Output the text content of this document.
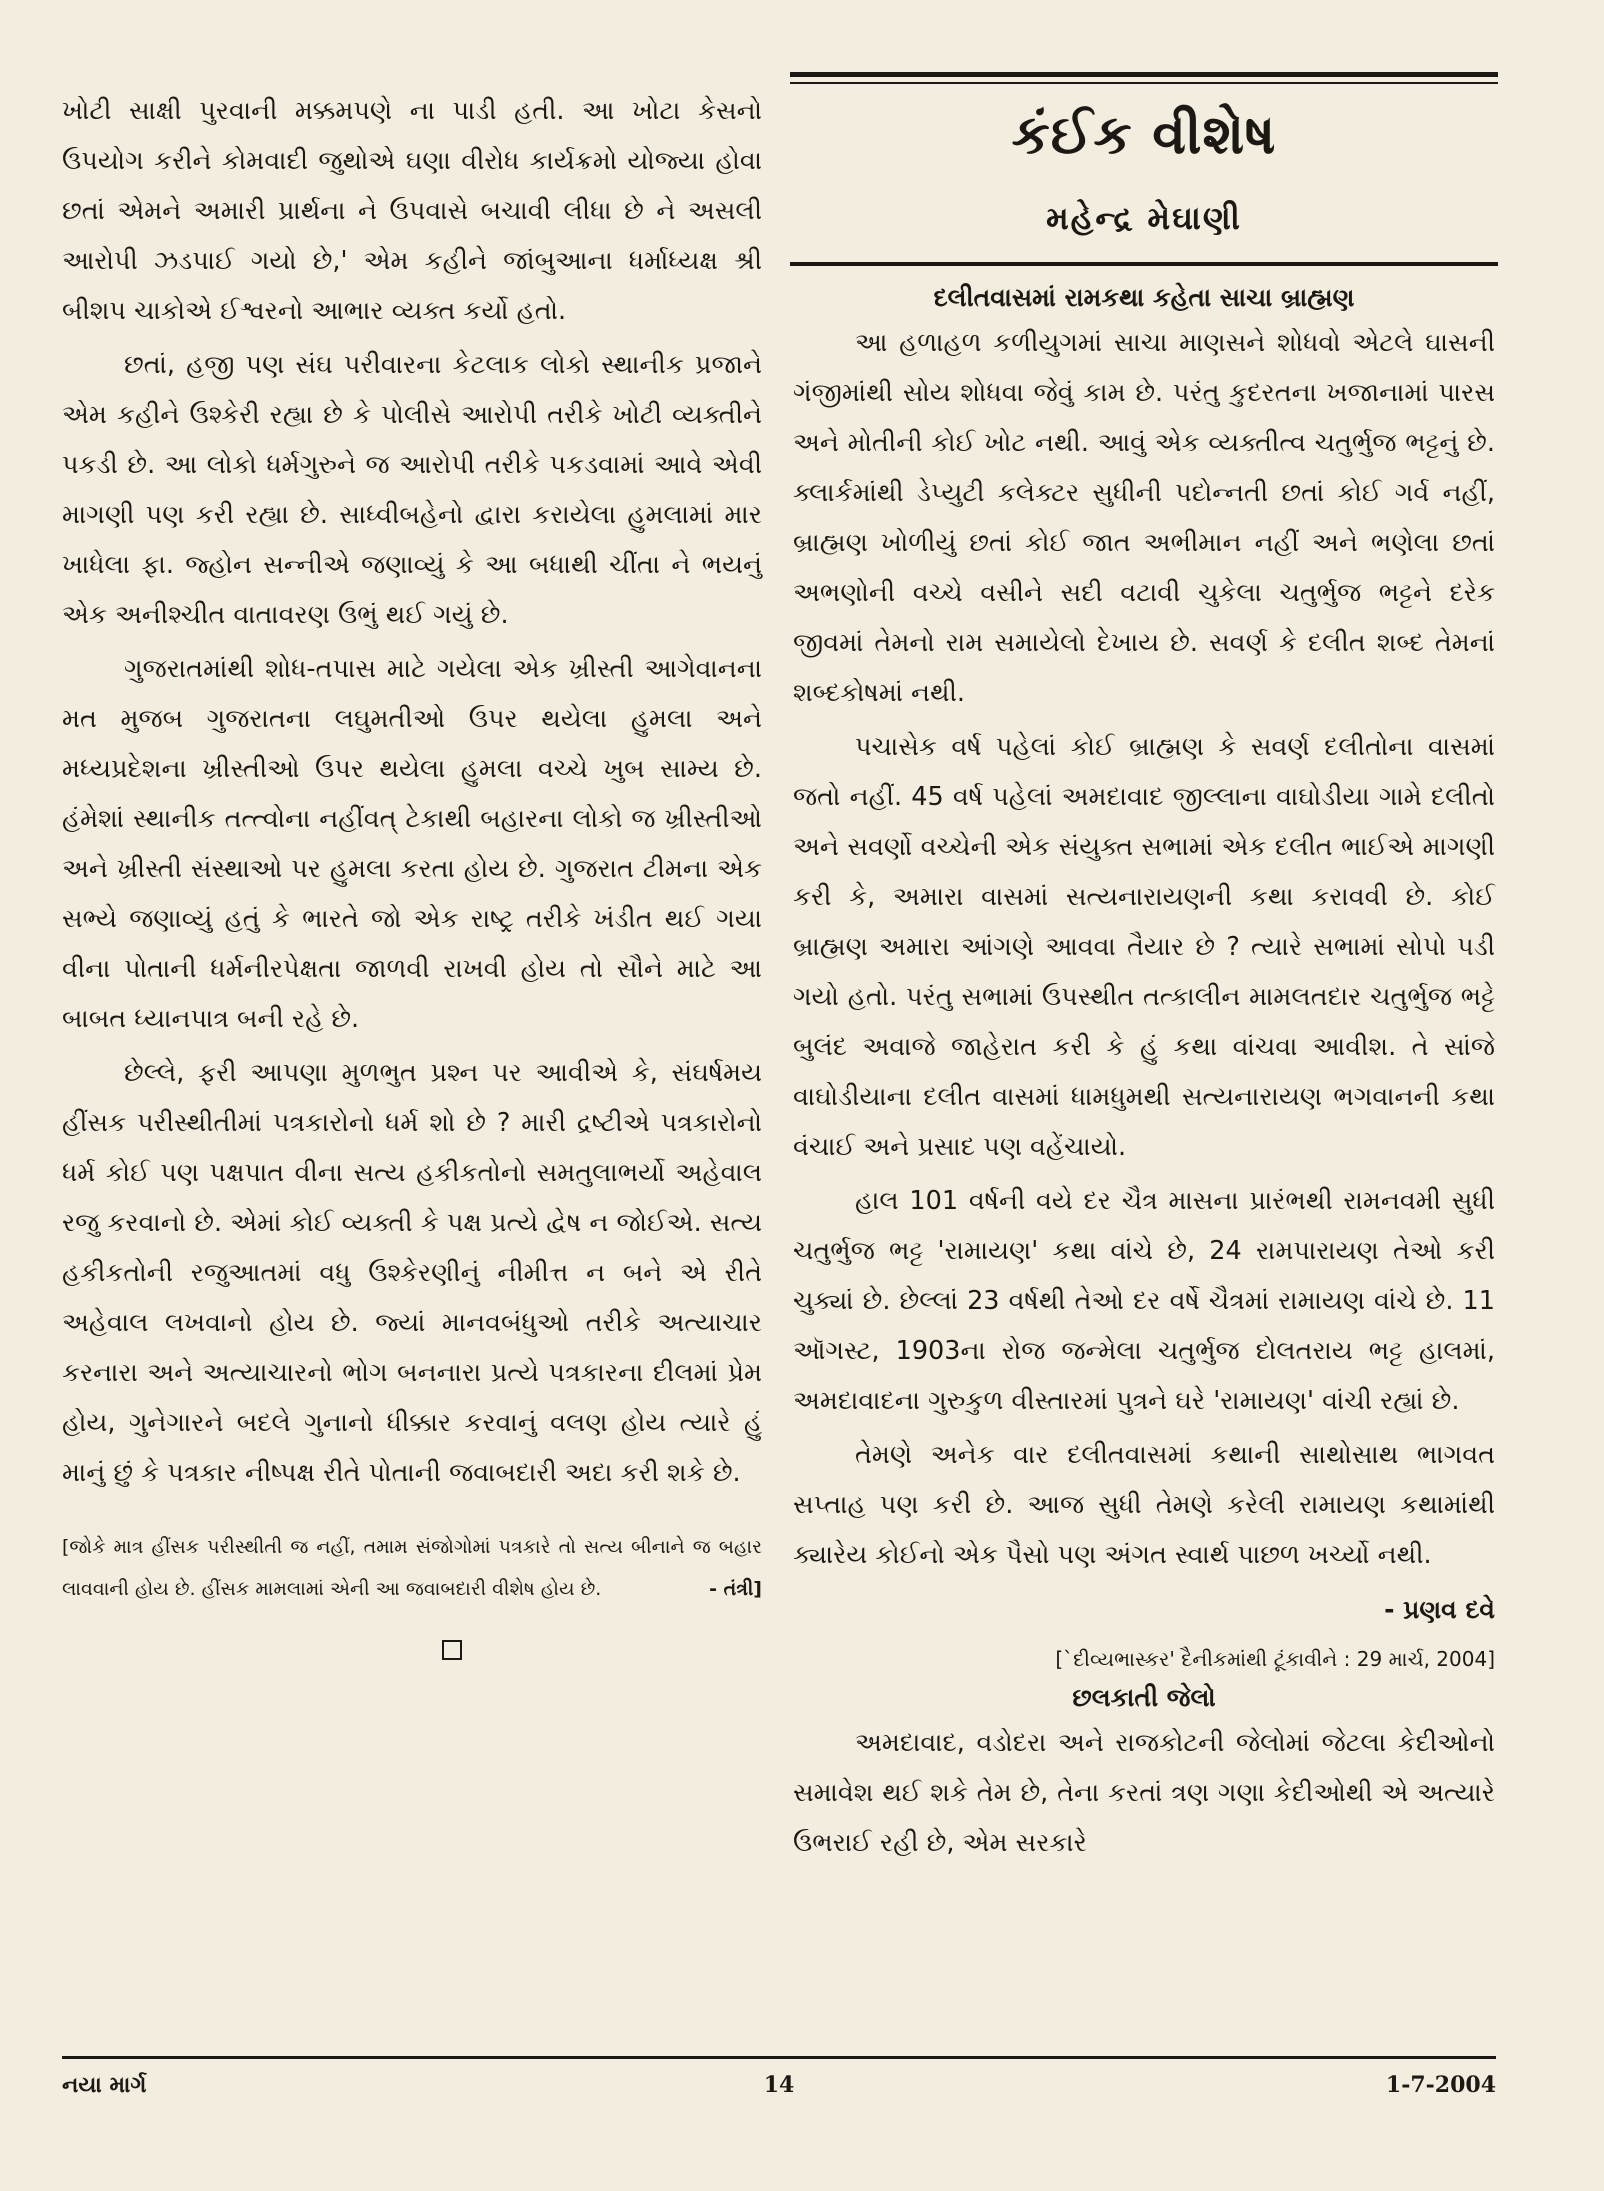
ખોટી સાક્ષી પુરવાની મક્કમપણે ના પાડી હતી. આ ખોટા કેસનો ઉપયોગ કરીને કોમવાદી જુથોએ ઘણા વીરોધ કાર્યક્રમો યોજ્યા હોવા છતાં એમને અમારી પ્રાર્થના ને ઉપવાસે બચાવી લીધા છે ને અસલી આરોપી ઝડપાઈ ગયો છે,' એમ કહીને જાંબુઆના ધર્માધ્યક્ષ શ્રી બીશપ ચાકોએ ઈશ્વરનો આભાર વ્યક્ત કર્યો હતો.

છતાં, હજી પણ સંઘ પરીવારના કેટલાક લોકો સ્થાનીક પ્રજાને એમ કહીને ઉશ્કેરી રહ્યા છે કે પોલીસે આરોપી તરીકે ખોટી વ્યક્તીને પકડી છે. આ લોકો ધર્મગુરુને જ આરોપી તરીકે પકડવામાં આવે એવી માગણી પણ કરી રહ્યા છે. સાધ્વીબહેનો દ્વારા કરાયેલા હુમલામાં માર ખાધેલા ફા. જ્હોન સન્નીએ જણાવ્યું કે આ બધાથી ચીંતા ને ભયનું એક અનીશ્ચીત વાતાવરણ ઉભું થઈ ગયું છે.

ગુજરાતમાંથી શોધ-તપાસ માટે ગયેલા એક ખ્રીસ્તી આગેવાનના મત મુજબ ગુજરાતના લઘુમતીઓ ઉપર થયેલા હુમલા અને મધ્યપ્રદેશના ખ્રીસ્તીઓ ઉપર થયેલા હુમલા વચ્ચે ખુબ સામ્ય છે. હંમેશાં સ્થાનીક તત્ત્વોના નહીંવત્ ટેકાથી બહારના લોકો જ ખ્રીસ્તીઓ અને ખ્રીસ્તી સંસ્થાઓ પર હુમલા કરતા હોય છે. ગુજરાત ટીમના એક સભ્યે જણાવ્યું હતું કે ભારતે જો એક રાષ્ટ્ર તરીકે ખંડીત થઈ ગયા વીના પોતાની ધર્મનીરપેક્ષતા જાળવી રાખવી હોય તો સૌને માટે આ બાબત ધ્યાનપાત્ર બની રહે છે.

છેલ્લે, ફરી આપણા મુળભુત પ્રશ્ન પર આવીએ કે, સંઘર્ષમય હીંસક પરીસ્થીતીમાં પત્રકારોનો ધર્મ શો છે ? મારી દ્રષ્ટીએ પત્રકારોનો ધર્મ કોઈ પણ પક્ષપાત વીના સત્ય હકીકતોનો સમતુલાભર્યો અહેવાલ રજુ કરવાનો છે. એમાં કોઈ વ્યક્તી કે પક્ષ પ્રત્યે દ્વેષ ન જોઈએ. સત્ય હકીકતોની રજુઆતમાં વધુ ઉશ્કેરણીનું નીમીત્ત ન બને એ રીતે અહેવાલ લખવાનો હોય છે. જ્યાં માનવબંધુઓ તરીકે અત્યાચાર કરનારા અને અત્યાચારનો ભોગ બનનારા પ્રત્યે પત્રકારના દીલમાં પ્રેમ હોય, ગુનેગારને બદલે ગુનાનો ધીક્કાર કરવાનું વલણ હોય ત્યારે હું માનું છું કે પત્રકાર નીષ્પક્ષ રીતે પોતાની જવાબદારી અદા કરી શકે છે.

[જોકે માત્ર હીંસક પરીસ્થીતી જ નહીં, તમામ સંજોગોમાં પત્રકારે તો સત્ય બીનાને જ બહાર લાવવાની હોય છે. હીંસક મામલામાં એની આ જવાબદારી વીશેષ હોય છે.	- તંત્રી]
કંઈક વીશેષ
મહેન્દ્ર મેઘાણી
દલીતવાસમાં રામકથા કહેતા સાચા બ્રાહ્મણ

આ હળાહળ કળીયુગમાં સાચા માણસને શોધવો એટલે ઘાસની ગંજીમાંથી સોય શોધવા જેવું કામ છે. પરંતુ કુદરતના ખજાનામાં પારસ અને મોતીની કોઈ ખોટ નથી. આવું એક વ્યક્તીત્વ ચતુર્ભુજ ભટ્ટનું છે. ક્લાર્કમાંથી ડેપ્યુટી કલેક્ટર સુધીની પદોન્નતી છતાં કોઈ ગર્વ નહીં, બ્રાહ્મણ ખોળીયું છતાં કોઈ જાત અભીમાન નહીં અને ભણેલા છતાં અભણોની વચ્ચે વસીને સદી વટાવી ચુકેલા ચતુર્ભુજ ભટ્ટને દરેક જીવમાં તેમનો રામ સમાયેલો દેખાય છે. સવર્ણ કે દલીત શબ્દ તેમનાં શબ્દકોષમાં નથી.

પચાસેક વર્ષ પહેલાં કોઈ બ્રાહ્મણ કે સવર્ણ દલીતોના વાસમાં જતો નહીં. 45 વર્ષ પહેલાં અમદાવાદ જીલ્લાના વાઘોડીયા ગામે દલીતો અને સવર્ણો વચ્ચેની એક સંયુક્ત સભામાં એક દલીત ભાઈએ માગણી કરી કે, અમારા વાસમાં સત્યનારાયણની કથા કરાવવી છે. કોઈ બ્રાહ્મણ અમારા આંગણે આવવા તૈયાર છે ? ત્યારે સભામાં સોપો પડી ગયો હતો. પરંતુ સભામાં ઉપસ્થીત તત્કાલીન મામલતદાર ચતુર્ભુજ ભટ્ટે બુલંદ અવાજે જાહેરાત કરી કે હું કથા વાંચવા આવીશ. તે સાંજે વાઘોડીયાના દલીત વાસમાં ધામધુમથી સત્યનારાયણ ભગવાનની કથા વંચાઈ અને પ્રસાદ પણ વહેંચાયો.

હાલ 101 વર્ષની વયે દર ચૈત્ર માસના પ્રારંભથી રામનવમી સુધી ચતુર્ભુજ ભટ્ટ 'રામાયણ' કથા વાંચે છે, 24 રામપારાયણ તેઓ કરી ચુક્યાં છે. છેલ્લાં 23 વર્ષથી તેઓ દર વર્ષે ચૈત્રમાં રામાયણ વાંચે છે. 11 ઑગસ્ટ, 1903ના રોજ જન્મેલા ચતુર્ભુજ દોલતરાય ભટ્ટ હાલમાં, અમદાવાદના ગુરુકુળ વીસ્તારમાં પુત્રને ઘરે 'રામાયણ' વાંચી રહ્યાં છે.

તેમણે અનેક વાર દલીતવાસમાં કથાની સાથોસાથ ભાગવત સપ્તાહ પણ કરી છે. આજ સુધી તેમણે કરેલી રામાયણ કથામાંથી ક્યારેય કોઈનો એક પૈસો પણ અંગત સ્વાર્થ પાછળ ખર્ચ્યો નથી.

- પ્રણવ દવે
[`દીવ્યભાસ્કર' દૈનીકમાંથી ટૂંકાવીને : 29 માર્ચ, 2004]
છલકાતી જેલો

અમદાવાદ, વડોદરા અને રાજકોટની જેલોમાં જેટલા કેદીઓનો સમાવેશ થઈ શકે તેમ છે, તેના કરતાં ત્રણ ગણા કેદીઓથી એ અત્યારે ઉભરાઈ રહી છે, એમ સરકારે

નયા માર્ગ	14	1-7-2004
